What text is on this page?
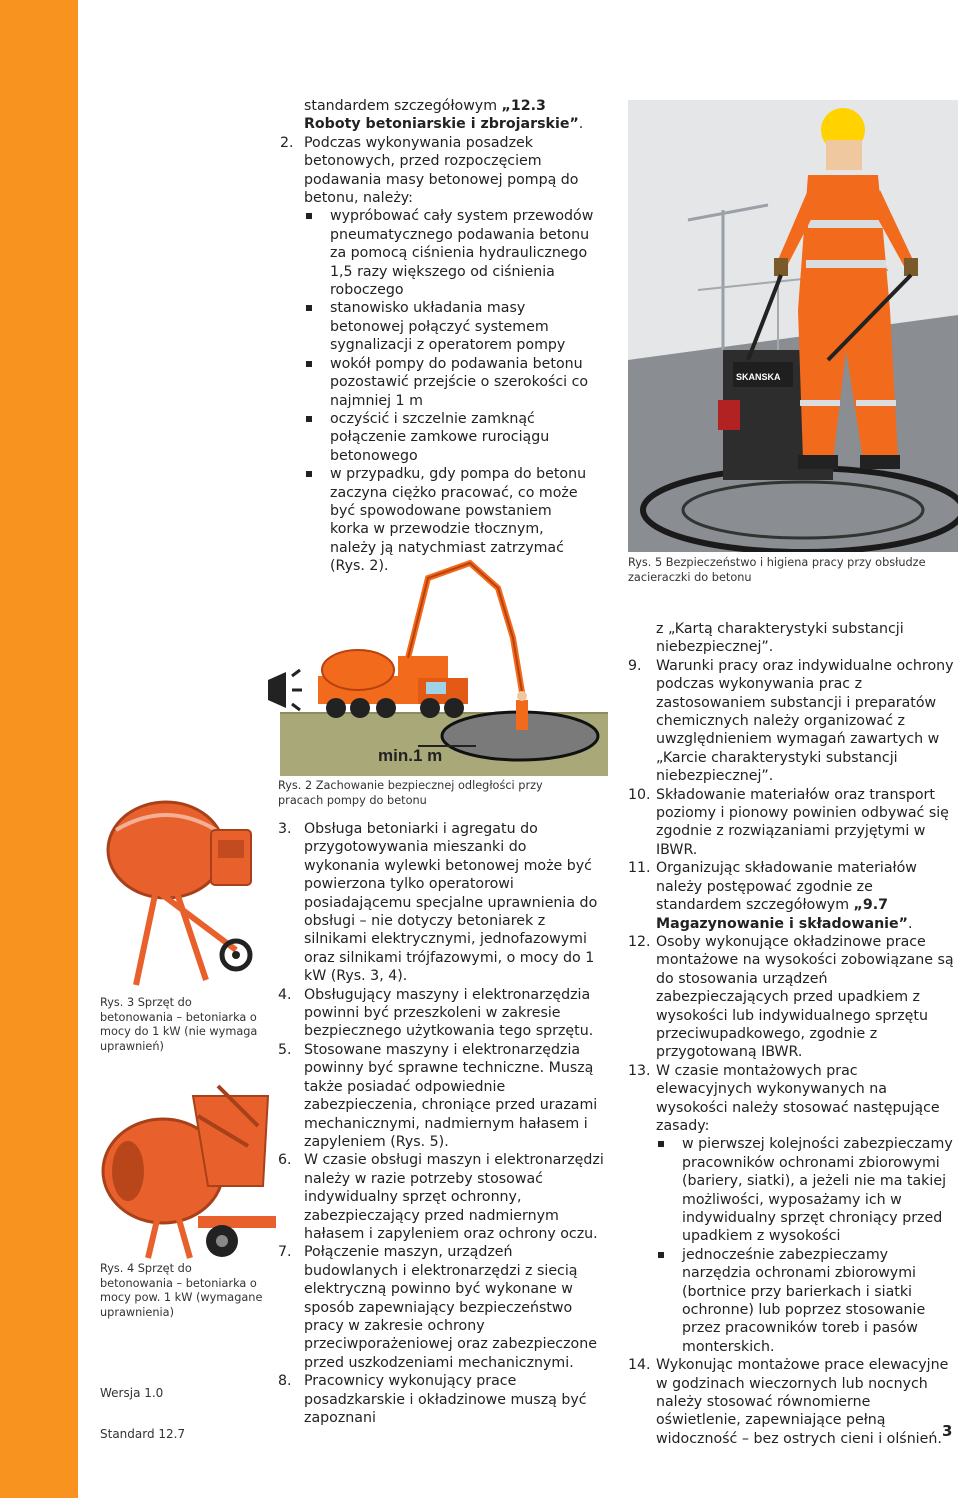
standardem szczegółowym „12.3 Roboty betoniarskie i zbrojarskie”.
2. Podczas wykonywania posadzek betonowych, przed rozpoczęciem podawania masy betonowej pompą do betonu, należy:
wypróbować cały system przewodów pneumatycznego podawania betonu za pomocą ciśnienia hydraulicznego 1,5 razy większego od ciśnienia roboczego
stanowisko układania masy betonowej połączyć systemem sygnalizacji z operatorem pompy
wokół pompy do podawania betonu pozostawić przejście o szerokości co najmniej 1 m
oczyścić i szczelnie zamknąć połączenie zamkowe rurociągu betonowego
w przypadku, gdy pompa do betonu zaczyna ciężko pracować, co może być spowodowane powstaniem korka w przewodzie tłocznym, należy ją natychmiast zatrzymać (Rys. 2).
SKANSKA
Rys. 5 Bezpieczeństwo i higiena pracy przy obsłudze zacieraczki do betonu
min.1 m
Rys. 2 Zachowanie bezpiecznej odległości przy pracach pompy do betonu
Rys. 3 Sprzęt do betonowania – betoniarka o mocy do 1 kW (nie wymaga uprawnień)
Rys. 4 Sprzęt do betonowania – betoniarka o mocy pow. 1 kW (wymagane uprawnienia)
Wersja 1.0
3. Obsługa betoniarki i agregatu do przygotowywania mieszanki do wykonania wylewki betonowej może być powierzona tylko operatorowi posiadającemu specjalne uprawnienia do obsługi – nie dotyczy betoniarek z silnikami elektrycznymi, jednofazowymi oraz silnikami trójfazowymi, o mocy do 1 kW (Rys. 3, 4).
4. Obsługujący maszyny i elektronarzędzia powinni być przeszkoleni w zakresie bezpiecznego użytkowania tego sprzętu.
5. Stosowane maszyny i elektronarzędzia powinny być sprawne techniczne. Muszą także posiadać odpowiednie zabezpieczenia, chroniące przed urazami mechanicznymi, nadmiernym hałasem i zapyleniem (Rys. 5).
6. W czasie obsługi maszyn i elektronarzędzi należy w razie potrzeby stosować indywidualny sprzęt ochronny, zabezpieczający przed nadmiernym hałasem i zapyleniem oraz ochrony oczu.
7. Połączenie maszyn, urządzeń budowlanych i elektronarzędzi z siecią elektryczną powinno być wykonane w sposób zapewniający bezpieczeństwo pracy w zakresie ochrony przeciwporażeniowej oraz zabezpieczone przed uszkodzeniami mechanicznymi.
8. Pracownicy wykonujący prace posadzkarskie i okładzinowe muszą być zapoznani
z „Kartą charakterystyki substancji niebezpiecznej”.
9. Warunki pracy oraz indywidualne ochrony podczas wykonywania prac z zastosowaniem substancji i preparatów chemicznych należy organizować z uwzględnieniem wymagań zawartych w „Karcie charakterystyki substancji niebezpiecznej”.
10. Składowanie materiałów oraz transport poziomy i pionowy powinien odbywać się zgodnie z rozwiązaniami przyjętymi w IBWR.
11. Organizując składowanie materiałów należy postępować zgodnie ze standardem szczegółowym „9.7 Magazynowanie i składowanie”.
12. Osoby wykonujące okładzinowe prace montażowe na wysokości zobowiązane są do stosowania urządzeń zabezpieczających przed upadkiem z wysokości lub indywidualnego sprzętu przeciwupadkowego, zgodnie z przygotowaną IBWR.
13. W czasie montażowych prac elewacyjnych wykonywanych na wysokości należy stosować następujące zasady:
w pierwszej kolejności zabezpieczamy pracowników ochronami zbiorowymi (bariery, siatki), a jeżeli nie ma takiej możliwości, wyposażamy ich w indywidualny sprzęt chroniący przed upadkiem z wysokości
jednocześnie zabezpieczamy narzędzia ochronami zbiorowymi (bortnice przy barierkach i siatki ochronne) lub poprzez stosowanie przez pracowników toreb i pasów monterskich.
14. Wykonując montażowe prace elewacyjne w godzinach wieczornych lub nocnych należy stosować równomierne oświetlenie, zapewniające pełną widoczność – bez ostrych cieni i olśnień.
Standard 12.7	3
